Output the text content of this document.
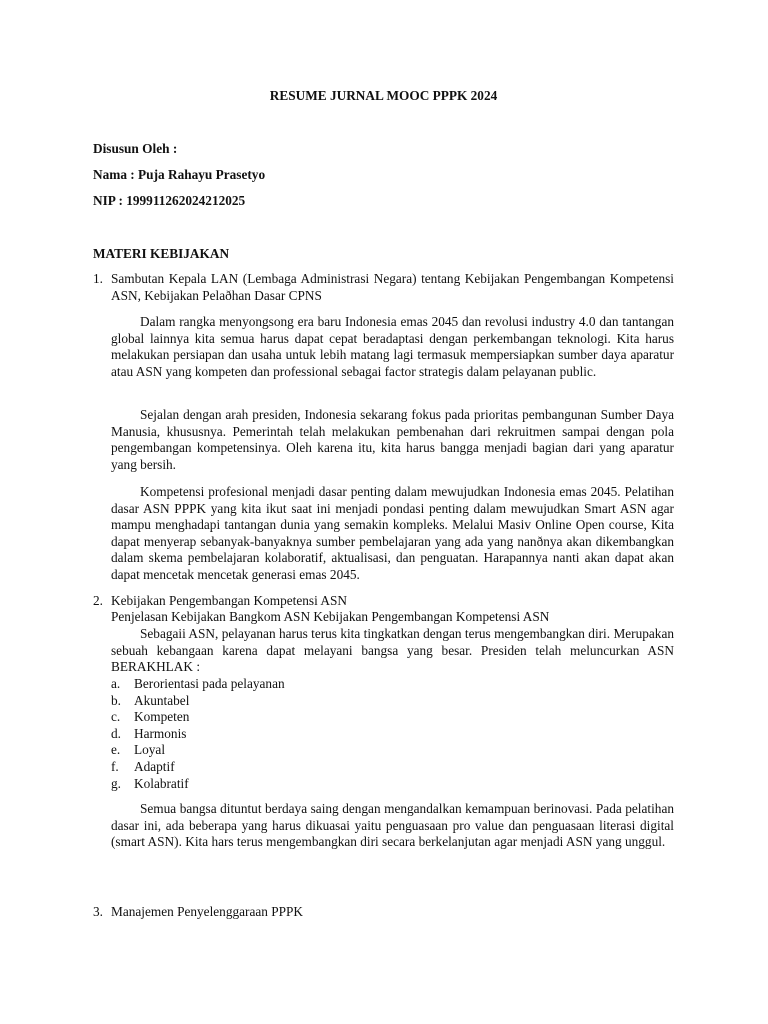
RESUME JURNAL MOOC PPPK 2024
Disusun Oleh :
Nama : Puja Rahayu Prasetyo
NIP : 199911262024212025
MATERI KEBIJAKAN
1. Sambutan Kepala LAN (Lembaga Administrasi Negara) tentang Kebijakan Pengembangan Kompetensi ASN, Kebijakan Pelaðhan Dasar CPNS
Dalam rangka menyongsong era baru Indonesia emas 2045 dan revolusi industry 4.0 dan tantangan global lainnya kita semua harus dapat cepat beradaptasi dengan perkembangan teknologi. Kita harus melakukan persiapan dan usaha untuk lebih matang lagi termasuk mempersiapkan sumber daya aparatur atau ASN yang kompeten dan professional sebagai factor strategis dalam pelayanan public.
Sejalan dengan arah presiden, Indonesia sekarang fokus pada prioritas pembangunan Sumber Daya Manusia, khususnya. Pemerintah telah melakukan pembenahan dari rekruitmen sampai dengan pola pengembangan kompetensinya. Oleh karena itu, kita harus bangga menjadi bagian dari yang aparatur yang bersih.
Kompetensi profesional menjadi dasar penting dalam mewujudkan Indonesia emas 2045. Pelatihan dasar ASN PPPK yang kita ikut saat ini menjadi pondasi penting dalam mewujudkan Smart ASN agar mampu menghadapi tantangan dunia yang semakin kompleks. Melalui Masiv Online Open course, Kita dapat menyerap sebanyak-banyaknya sumber pembelajaran yang ada yang nanðnya akan dikembangkan dalam skema pembelajaran kolaboratif, aktualisasi, dan penguatan. Harapannya nanti akan dapat akan dapat mencetak mencetak generasi emas 2045.
2. Kebijakan Pengembangan Kompetensi ASN
Penjelasan Kebijakan Bangkom ASN Kebijakan Pengembangan Kompetensi ASN
Sebagaii ASN, pelayanan harus terus kita tingkatkan dengan terus mengembangkan diri. Merupakan sebuah kebangaan karena dapat melayani bangsa yang besar. Presiden telah meluncurkan ASN BERAKHLAK :
a. Berorientasi pada pelayanan
b. Akuntabel
c. Kompeten
d. Harmonis
e. Loyal
f. Adaptif
g. Kolabratif
Semua bangsa dituntut berdaya saing dengan mengandalkan kemampuan berinovasi. Pada pelatihan dasar ini, ada beberapa yang harus dikuasai yaitu penguasaan pro value dan penguasaan literasi digital (smart ASN). Kita hars terus mengembangkan diri secara berkelanjutan agar menjadi ASN yang unggul.
3. Manajemen Penyelenggaraan PPPK
